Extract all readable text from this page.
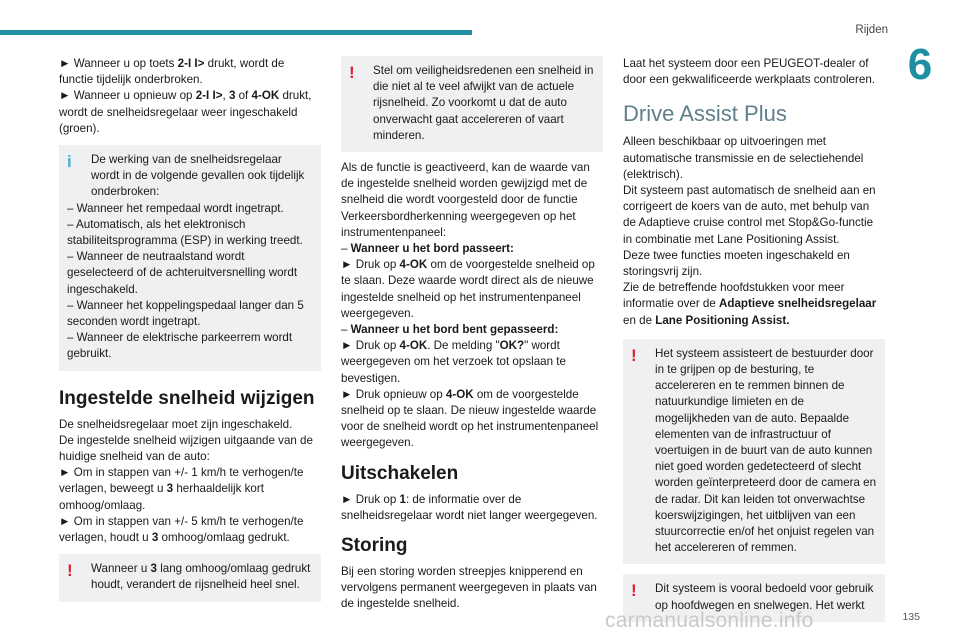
Rijden
6

► Wanneer u op toets 2-I I> drukt, wordt de functie tijdelijk onderbroken.

► Wanneer u opnieuw op 2-I I>, 3 of 4-OK drukt, wordt de snelheidsregelaar weer ingeschakeld (groen).

i	De werking van de snelheidsregelaar wordt in de volgende gevallen ook tijdelijk onderbroken:

– Wanneer het rempedaal wordt ingetrapt.

– Automatisch, als het elektronisch stabiliteitsprogramma (ESP) in werking treedt.

– Wanneer de neutraalstand wordt geselecteerd of de achteruitversnelling wordt ingeschakeld.

– Wanneer het koppelingspedaal langer dan 5 seconden wordt ingetrapt.

– Wanneer de elektrische parkeerrem wordt gebruikt.

Ingestelde snelheid wijzigen

De snelheidsregelaar moet zijn ingeschakeld.

De ingestelde snelheid wijzigen uitgaande van de huidige snelheid van de auto:

► Om in stappen van +/- 1 km/h te verhogen/te verlagen, beweegt u 3 herhaaldelijk kort omhoog/omlaag.

► Om in stappen van +/- 5 km/h te verhogen/te verlagen, houdt u 3 omhoog/omlaag gedrukt.

!	Wanneer u 3 lang omhoog/omlaag gedrukt houdt, verandert de rijsnelheid heel snel.

!	Stel om veiligheidsredenen een snelheid in die niet al te veel afwijkt van de actuele rijsnelheid. Zo voorkomt u dat de auto onverwacht gaat accelereren of vaart minderen.

Als de functie is geactiveerd, kan de waarde van de ingestelde snelheid worden gewijzigd met de snelheid die wordt voorgesteld door de functie Verkeersbordherkenning weergegeven op het instrumentenpaneel:

– Wanneer u het bord passeert:

► Druk op 4-OK om de voorgestelde snelheid op te slaan. Deze waarde wordt direct als de nieuwe ingestelde snelheid op het instrumentenpaneel weergegeven.

– Wanneer u het bord bent gepasseerd:

► Druk op 4-OK. De melding "OK?" wordt weergegeven om het verzoek tot opslaan te bevestigen.

► Druk opnieuw op 4-OK om de voorgestelde snelheid op te slaan. De nieuw ingestelde waarde voor de snelheid wordt op het instrumentenpaneel weergegeven.

Uitschakelen

► Druk op 1: de informatie over de snelheidsregelaar wordt niet langer weergegeven.

Storing

Bij een storing worden streepjes knipperend en vervolgens permanent weergegeven in plaats van de ingestelde snelheid.

Laat het systeem door een PEUGEOT-dealer of door een gekwalificeerde werkplaats controleren.

Drive Assist Plus

Alleen beschikbaar op uitvoeringen met automatische transmissie en de selectiehendel (elektrisch).

Dit systeem past automatisch de snelheid aan en corrigeert de koers van de auto, met behulp van de Adaptieve cruise control met Stop&Go-functie in combinatie met Lane Positioning Assist.

Deze twee functies moeten ingeschakeld en storingsvrij zijn.

Zie de betreffende hoofdstukken voor meer informatie over de Adaptieve snelheidsregelaar en de Lane Positioning Assist.

!	Het systeem assisteert de bestuurder door in te grijpen op de besturing, te accelereren en te remmen binnen de natuurkundige limieten en de mogelijkheden van de auto. Bepaalde elementen van de infrastructuur of voertuigen in de buurt van de auto kunnen niet goed worden gedetecteerd of slecht worden geïnterpreteerd door de camera en de radar. Dit kan leiden tot onverwachtse koerswijzigingen, het uitblijven van een stuurcorrectie en/of het onjuist regelen van het accelereren of remmen.

!	Dit systeem is vooral bedoeld voor gebruik op hoofdwegen en snelwegen. Het werkt

carmanualsonline.info	135
